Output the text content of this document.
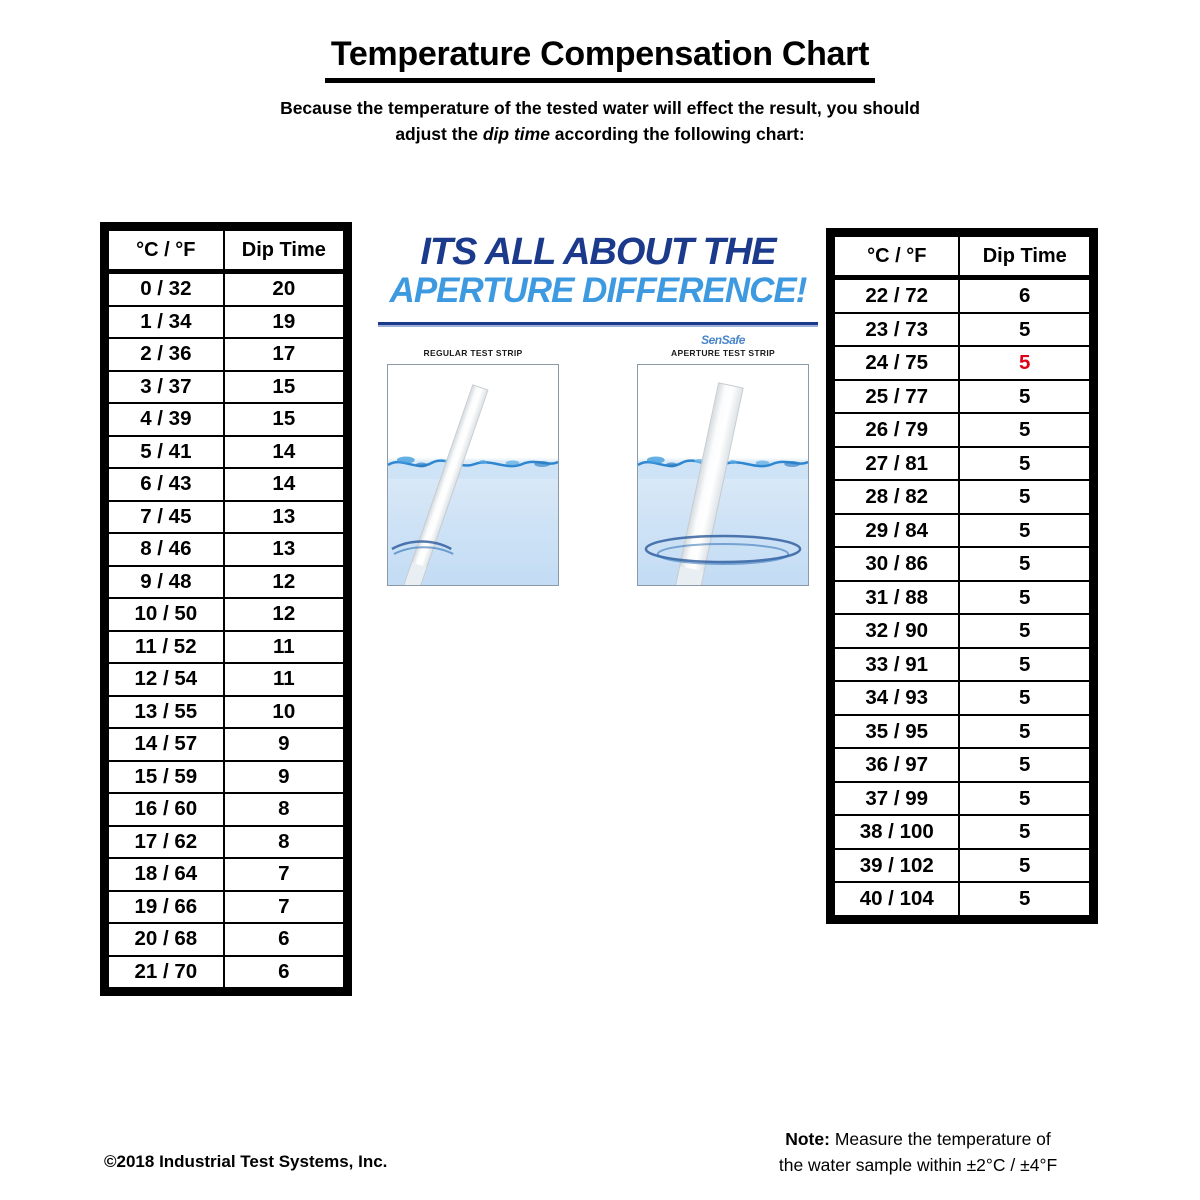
Temperature Compensation Chart
Because the temperature of the tested water will effect the result, you should adjust the dip time according the following chart:
°C / °F	Dip Time
0 / 32	20
1 / 34	19
2 / 36	17
3 / 37	15
4 / 39	15
5 / 41	14
6 / 43	14
7 / 45	13
8 / 46	13
9 / 48	12
10 / 50	12
11 / 52	11
12 / 54	11
13 / 55	10
14 / 57	9
15 / 59	9
16 / 60	8
17 / 62	8
18 / 64	7
19 / 66	7
20 / 68	6
21 / 70	6
°C / °F	Dip Time
22 / 72	6
23 / 73	5
24 / 75	5
25 / 77	5
26 / 79	5
27 / 81	5
28 / 82	5
29 / 84	5
30 / 86	5
31 / 88	5
32 / 90	5
33 / 91	5
34 / 93	5
35 / 95	5
36 / 97	5
37 / 99	5
38 / 100	5
39 / 102	5
40 / 104	5
ITS ALL ABOUT THE
APERTURE DIFFERENCE!
REGULAR TEST STRIP
SenSafe
APERTURE TEST STRIP
©2018 Industrial Test Systems, Inc.
Note: Measure the temperature of
the water sample within ±2°C / ±4°F
